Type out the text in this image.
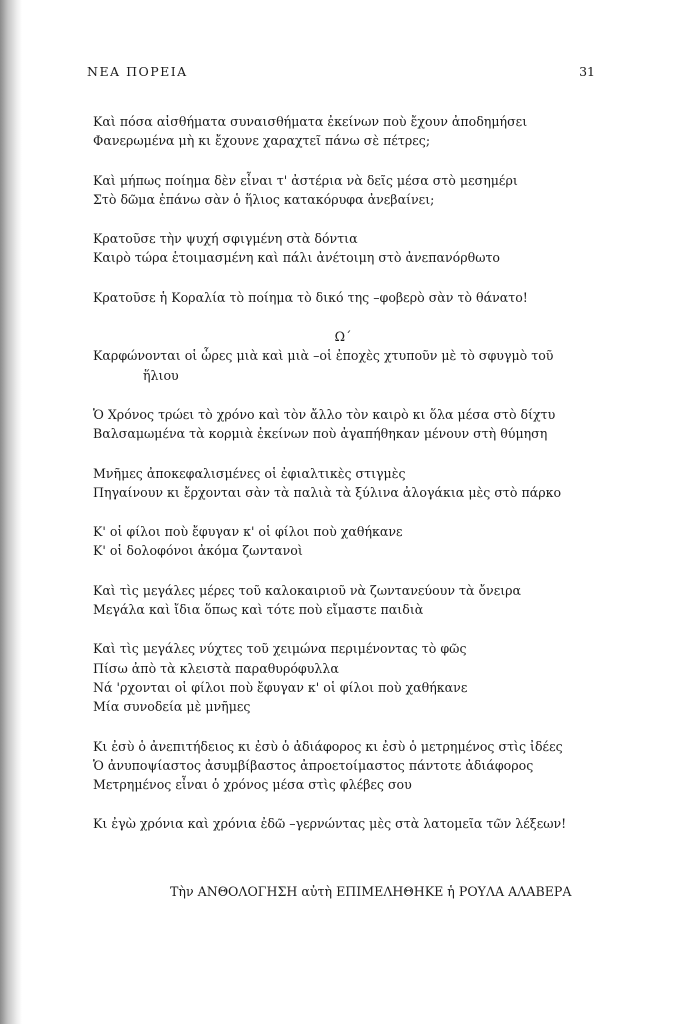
ΝΕΑ ΠΟΡΕΙΑ	31
Καὶ πόσα αἰσθήματα συναισθήματα ἐκείνων ποὺ ἔχουν ἀποδημήσει
Φανερωμένα μὴ κι ἔχουνε χαραχτεῖ πάνω σὲ πέτρες;
Καὶ μήπως ποίημα δὲν εἶναι τ' ἀστέρια νὰ δεῖς μέσα στὸ μεσημέρι
Στὸ δῶμα ἐπάνω σὰν ὁ ἥλιος κατακόρυφα ἀνεβαίνει;
Κρατοῦσε τὴν ψυχή σφιγμένη στὰ δόντια
Καιρὸ τώρα ἑτοιμασμένη καὶ πάλι ἀνέτοιμη στὸ ἀνεπανόρθωτο
Κρατοῦσε ἡ Κοραλία τὸ ποίημα τὸ δικό της –φοβερὸ σὰν τὸ θάνατο!
Ω΄
Καρφώνονται οἱ ὧρες μιὰ καὶ μιὰ –οἱ ἐποχὲς χτυποῦν μὲ τὸ σφυγμὸ τοῦ
ἥλιου
Ὁ Χρόνος τρώει τὸ χρόνο καὶ τὸν ἄλλο τὸν καιρὸ κι ὅλα μέσα στὸ δίχτυ
Βαλσαμωμένα τὰ κορμιὰ ἐκείνων ποὺ ἀγαπήθηκαν μένουν στὴ θύμηση
Μνῆμες ἀποκεφαλισμένες οἱ ἐφιαλτικὲς στιγμὲς
Πηγαίνουν κι ἔρχονται σὰν τὰ παλιὰ τὰ ξύλινα ἀλογάκια μὲς στὸ πάρκο
Κ' οἱ φίλοι ποὺ ἔφυγαν κ' οἱ φίλοι ποὺ χαθήκανε
Κ' οἱ δολοφόνοι ἀκόμα ζωντανοὶ
Καὶ τὶς μεγάλες μέρες τοῦ καλοκαιριοῦ νὰ ζωντανεύουν τὰ ὄνειρα
Μεγάλα καὶ ἴδια ὅπως καὶ τότε ποὺ εἴμαστε παιδιὰ
Καὶ τὶς μεγάλες νύχτες τοῦ χειμώνα περιμένοντας τὸ φῶς
Πίσω ἀπὸ τὰ κλειστὰ παραθυρόφυλλα
Νά 'ρχονται οἱ φίλοι ποὺ ἔφυγαν κ' οἱ φίλοι ποὺ χαθήκανε
Μία συνοδεία μὲ μνῆμες
Κι ἐσὺ ὁ ἀνεπιτήδειος κι ἐσὺ ὁ ἀδιάφορος κι ἐσὺ ὁ μετρημένος στὶς ἰδέες
Ὁ ἀνυποψίαστος ἀσυμβίβαστος ἀπροετοίμαστος πάντοτε ἀδιάφορος
Μετρημένος εἶναι ὁ χρόνος μέσα στὶς φλέβες σου
Κι ἐγὼ χρόνια καὶ χρόνια ἐδῶ –γερνώντας μὲς στὰ λατομεῖα τῶν λέξεων!
Τὴν ΑΝΘΟΛΟΓΗΣΗ αὐτὴ ΕΠΙΜΕΛΗΘΗΚΕ ἡ ΡΟΥΛΑ ΑΛΑΒΕΡΑ
